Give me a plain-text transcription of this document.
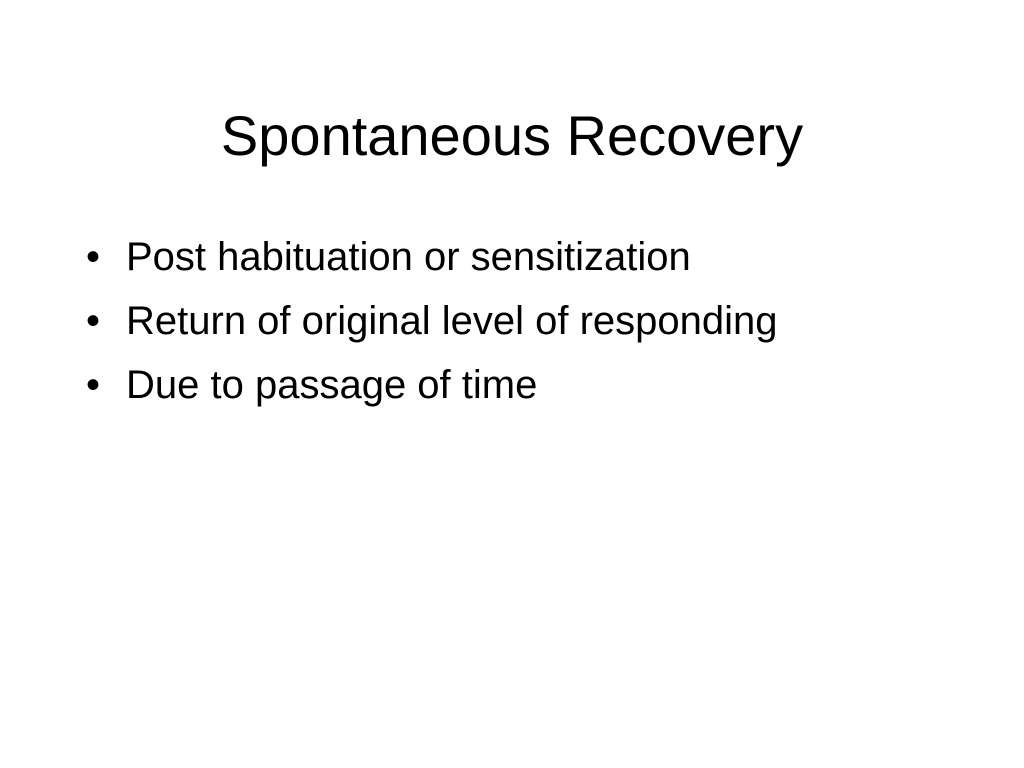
Spontaneous Recovery
• Post habituation or sensitization
• Return of original level of responding
• Due to passage of time
